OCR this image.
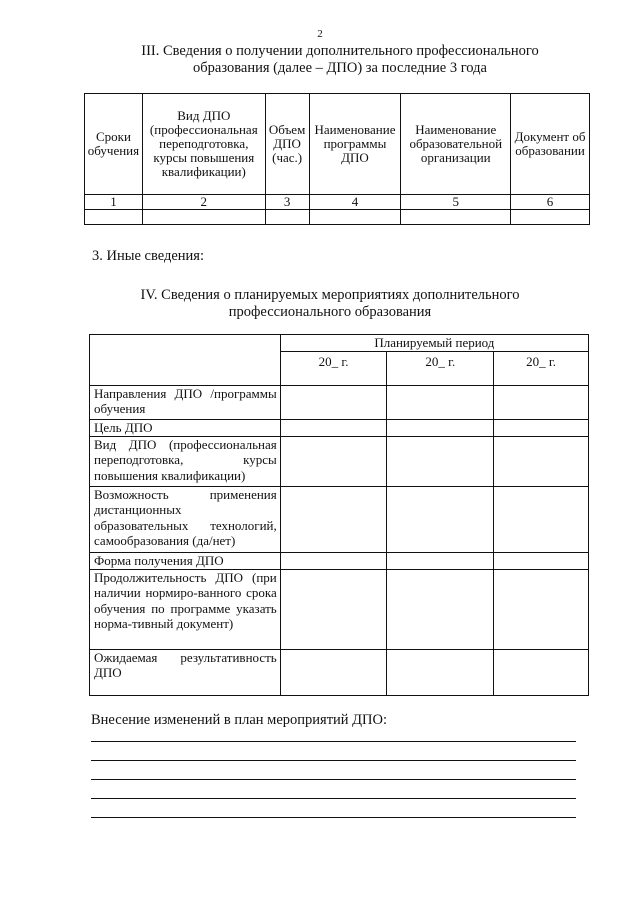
2
III. Сведения о получении дополнительного профессионального
образования (далее – ДПО) за последние 3 года
Сроки обучения	Вид ДПО (профессиональная переподготовка, курсы повышения квалификации)	Объем ДПО (час.)	Наименование программы ДПО	Наименование образовательной организации	Документ об образовании
1	2	3	4	5	6

3. Иные сведения:
IV. Сведения о планируемых мероприятиях дополнительного
профессионального образования
	Планируемый период		
	20_ г.	20_ г.	20_ г.
Направления ДПО /программы обучения			
Цель ДПО			
Вид ДПО (профессиональная переподготовка, курсы повышения квалификации)			
Возможность применения дистанционных образовательных технологий, самообразования (да/нет)			
Форма получения ДПО			
Продолжительность ДПО (при наличии нормиро-ванного срока обучения по программе указать норма-тивный документ)			
Ожидаемая результативность ДПО			
Внесение изменений в план мероприятий ДПО:
